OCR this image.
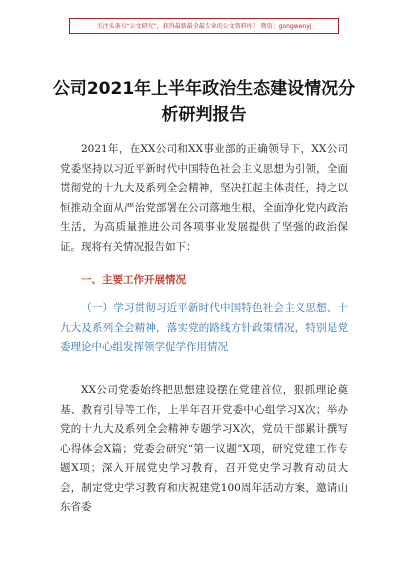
关注头条号“公文研究”，获得最新最全最专业的公文资料库！ 微信：gongwenyj
公司2021年上半年政治生态建设情况分析研判报告
2021年，在XX公司和XX事业部的正确领导下，XX公司党委坚持以习近平新时代中国特色社会主义思想为引领，全面贯彻党的十九大及系列全会精神，坚决扛起主体责任，持之以恒推动全面从严治党部署在公司落地生根，全面净化党内政治生活，为高质量推进公司各项事业发展提供了坚强的政治保证。现将有关情况报告如下：
一、主要工作开展情况
（一）学习贯彻习近平新时代中国特色社会主义思想、十九大及系列全会精神，落实党的路线方针政策情况，特别是党委理论中心组发挥领学促学作用情况
XX公司党委始终把思想建设摆在党建首位，狠抓理论奠基、教育引导等工作，上半年召开党委中心组学习X次；举办党的十九大及系列全会精神专题学习X次，党员干部累计撰写心得体会X篇；党委会研究“第一议题”X项，研究党建工作专题X项；深入开展党史学习教育，召开党史学习教育动员大会，制定党史学习教育和庆祝建党100周年活动方案，邀请山东省委
